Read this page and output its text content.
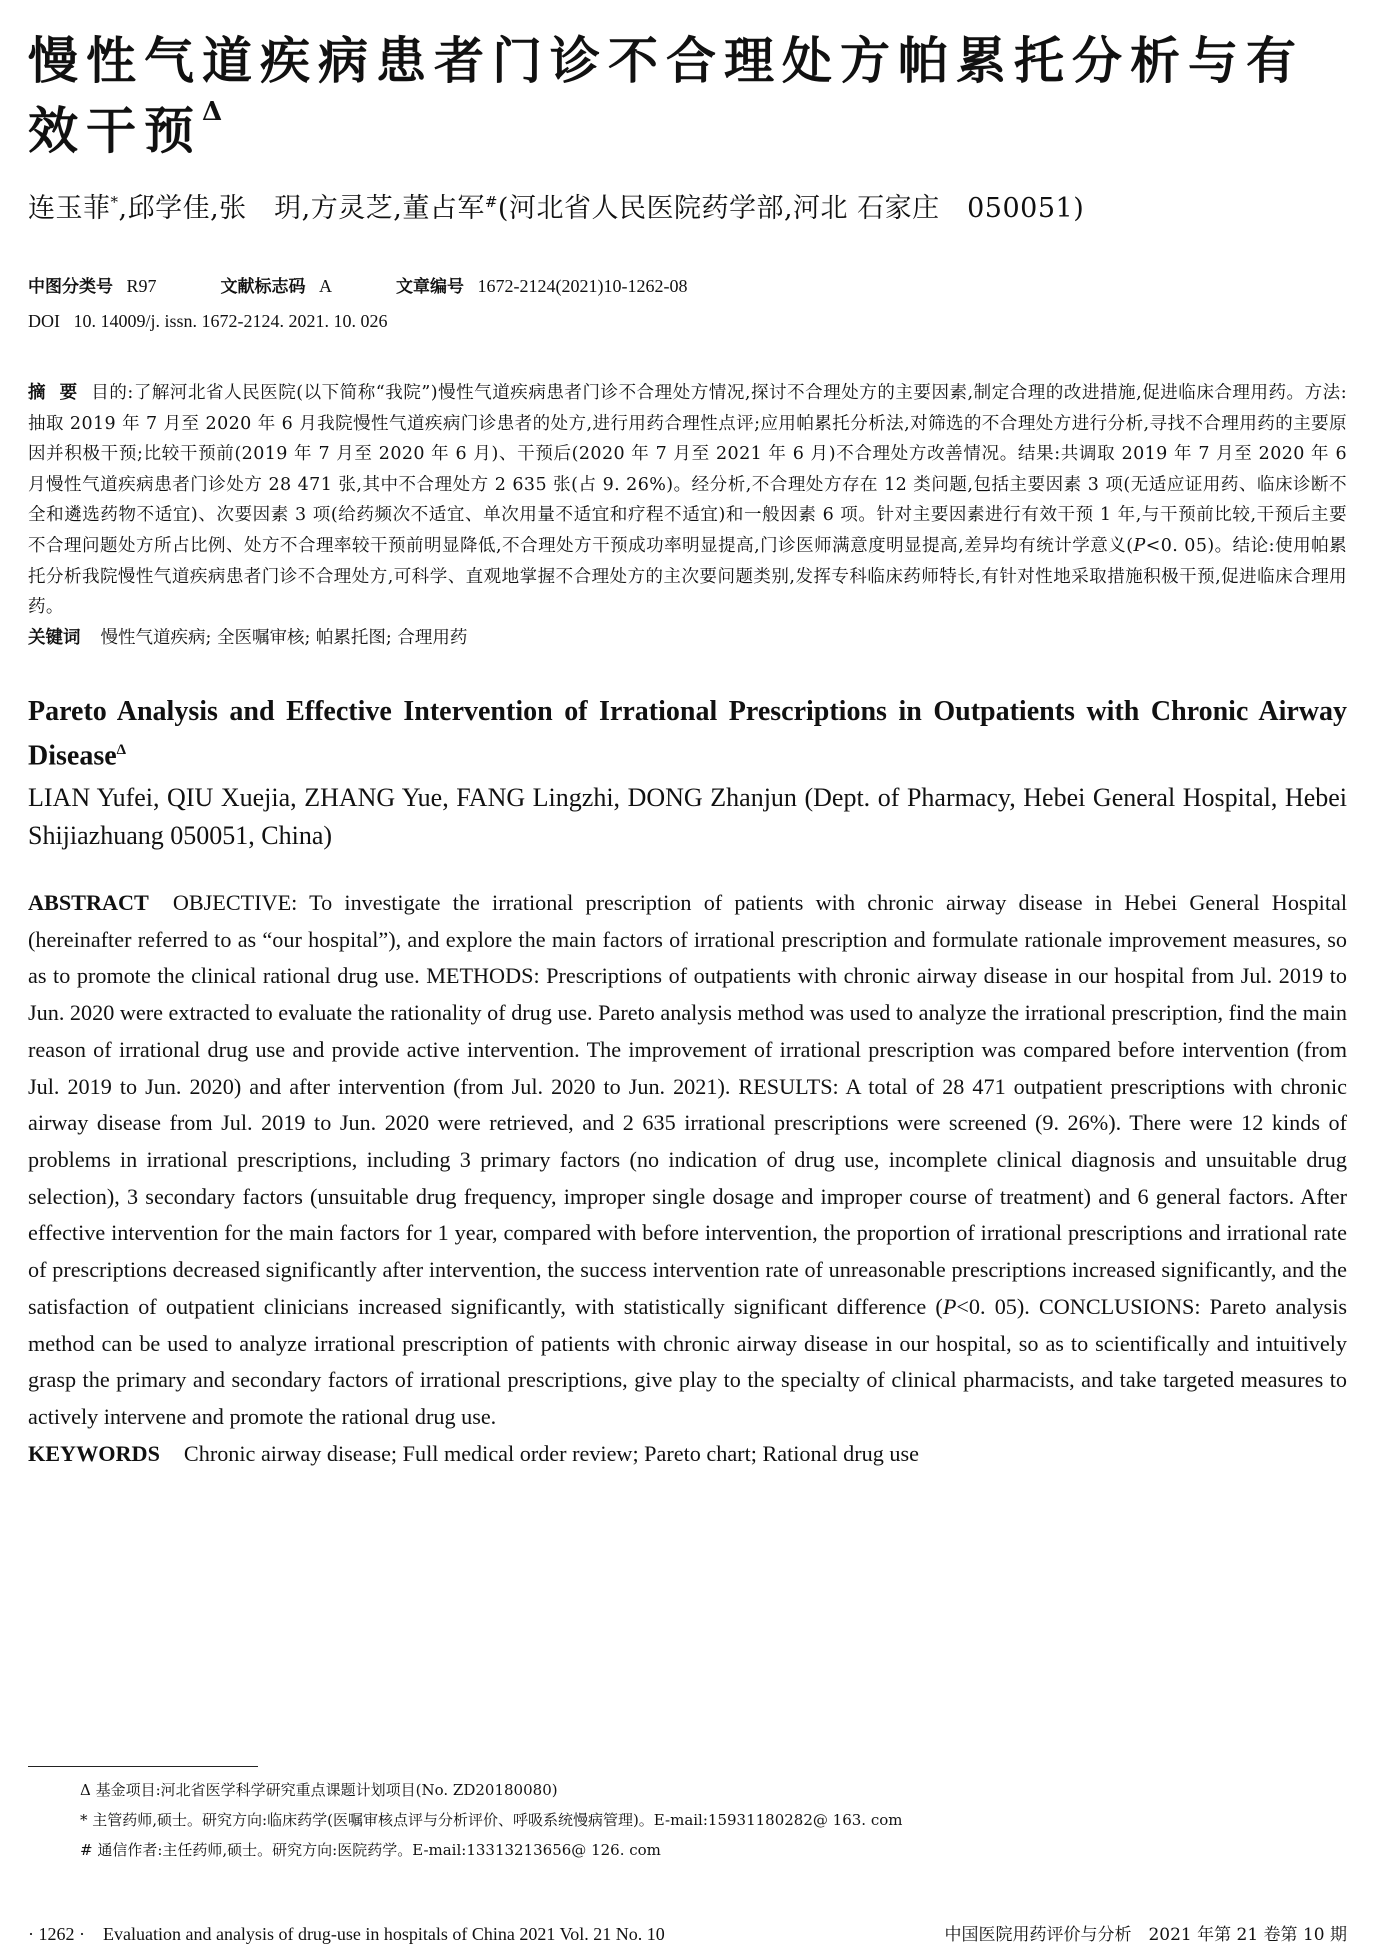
慢性气道疾病患者门诊不合理处方帕累托分析与有效干预$^\Delta$
连玉菲*,邱学佳,张　玥,方灵芝,董占军#(河北省人民医院药学部,河北 石家庄　050051)
中图分类号 R97	文献标志码 A	文章编号 1672-2124(2021)10-1262-08
DOI 10. 14009/j. issn. 1672-2124. 2021. 10. 026
摘要目的:了解河北省人民医院(以下简称“我院”)慢性气道疾病患者门诊不合理处方情况,探讨不合理处方的主要因素,制定合理的改进措施,促进临床合理用药。方法:抽取 2019 年 7 月至 2020 年 6 月我院慢性气道疾病门诊患者的处方,进行用药合理性点评;应用帕累托分析法,对筛选的不合理处方进行分析,寻找不合理用药的主要原因并积极干预;比较干预前(2019 年 7 月至 2020 年 6 月)、干预后(2020 年 7 月至 2021 年 6 月)不合理处方改善情况。结果:共调取 2019 年 7 月至 2020 年 6 月慢性气道疾病患者门诊处方 28 471 张,其中不合理处方 2 635 张(占 9. 26%)。经分析,不合理处方存在 12 类问题,包括主要因素 3 项(无适应证用药、临床诊断不全和遴选药物不适宜)、次要因素 3 项(给药频次不适宜、单次用量不适宜和疗程不适宜)和一般因素 6 项。针对主要因素进行有效干预 1 年,与干预前比较,干预后主要不合理问题处方所占比例、处方不合理率较干预前明显降低,不合理处方干预成功率明显提高,门诊医师满意度明显提高,差异均有统计学意义(P<0. 05)。结论:使用帕累托分析我院慢性气道疾病患者门诊不合理处方,可科学、直观地掌握不合理处方的主次要问题类别,发挥专科临床药师特长,有针对性地采取措施积极干预,促进临床合理用药。
关键词 慢性气道疾病; 全医嘱审核; 帕累托图; 合理用药
Pareto Analysis and Effective Intervention of Irrational Prescriptions in Outpatients with Chronic Airway Disease$^\Delta$
LIAN Yufei, QIU Xuejia, ZHANG Yue, FANG Lingzhi, DONG Zhanjun (Dept. of Pharmacy, Hebei General Hospital, Hebei Shijiazhuang 050051, China)
ABSTRACT OBJECTIVE: To investigate the irrational prescription of patients with chronic airway disease in Hebei General Hospital (hereinafter referred to as “our hospital”), and explore the main factors of irrational prescription and formulate rationale improvement measures, so as to promote the clinical rational drug use. METHODS: Prescriptions of outpatients with chronic airway disease in our hospital from Jul. 2019 to Jun. 2020 were extracted to evaluate the rationality of drug use. Pareto analysis method was used to analyze the irrational prescription, find the main reason of irrational drug use and provide active intervention. The improvement of irrational prescription was compared before intervention (from Jul. 2019 to Jun. 2020) and after intervention (from Jul. 2020 to Jun. 2021). RESULTS: A total of 28 471 outpatient prescriptions with chronic airway disease from Jul. 2019 to Jun. 2020 were retrieved, and 2 635 irrational prescriptions were screened (9. 26%). There were 12 kinds of problems in irrational prescriptions, including 3 primary factors (no indication of drug use, incomplete clinical diagnosis and unsuitable drug selection), 3 secondary factors (unsuitable drug frequency, improper single dosage and improper course of treatment) and 6 general factors. After effective intervention for the main factors for 1 year, compared with before intervention, the proportion of irrational prescriptions and irrational rate of prescriptions decreased significantly after intervention, the success intervention rate of unreasonable prescriptions increased significantly, and the satisfaction of outpatient clinicians increased significantly, with statistically significant difference (P<0. 05). CONCLUSIONS: Pareto analysis method can be used to analyze irrational prescription of patients with chronic airway disease in our hospital, so as to scientifically and intuitively grasp the primary and secondary factors of irrational prescriptions, give play to the specialty of clinical pharmacists, and take targeted measures to actively intervene and promote the rational drug use.
KEYWORDS Chronic airway disease; Full medical order review; Pareto chart; Rational drug use
Δ 基金项目:河北省医学科学研究重点课题计划项目(No. ZD20180080)
* 主管药师,硕士。研究方向:临床药学(医嘱审核点评与分析评价、呼吸系统慢病管理)。E-mail:15931180282@ 163. com
# 通信作者:主任药师,硕士。研究方向:医院药学。E-mail:13313213656@ 126. com
· 1262 ·　Evaluation and analysis of drug-use in hospitals of China 2021 Vol. 21 No. 10	中国医院用药评价与分析　2021 年第 21 卷第 10 期
